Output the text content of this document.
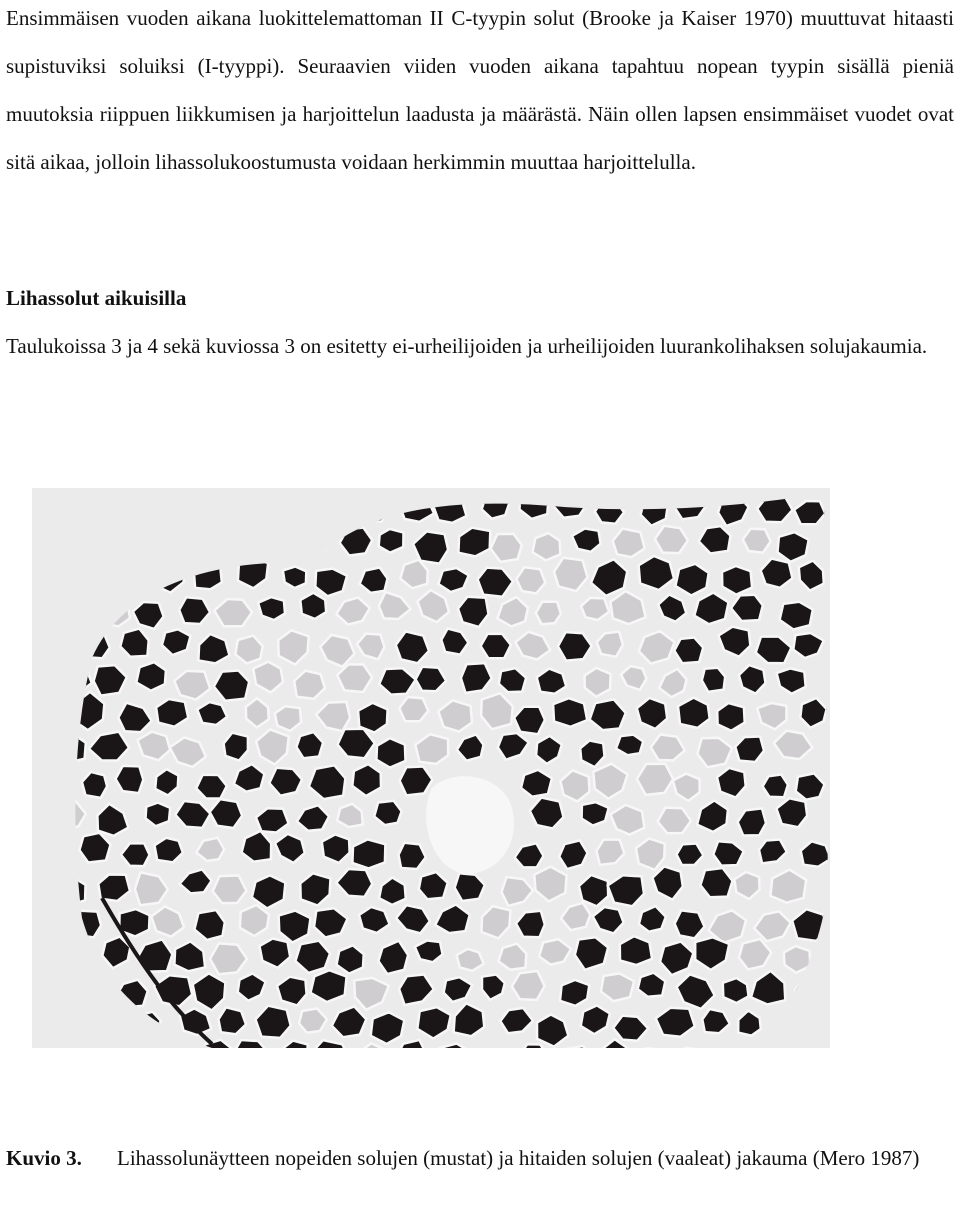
Ensimmäisen vuoden aikana luokittelemattoman II C-tyypin solut (Brooke ja Kaiser 1970) muuttuvat hitaasti supistuviksi soluiksi (I-tyyppi). Seuraavien viiden vuoden aikana tapahtuu nopean tyypin sisällä pieniä muutoksia riippuen liikkumisen ja harjoittelun laadusta ja määrästä. Näin ollen lapsen ensimmäiset vuodet ovat sitä aikaa, jolloin lihassolukoostumusta voidaan herkimmin muuttaa harjoittelulla.

Lihassolut aikuisilla

Taulukoissa 3 ja 4 sekä kuviossa 3 on esitetty ei-urheilijoiden ja urheilijoiden luurankolihaksen solujakaumia.

Kuvio 3. Lihassolunäytteen nopeiden solujen (mustat) ja hitaiden solujen (vaaleat) jakauma (Mero 1987)
